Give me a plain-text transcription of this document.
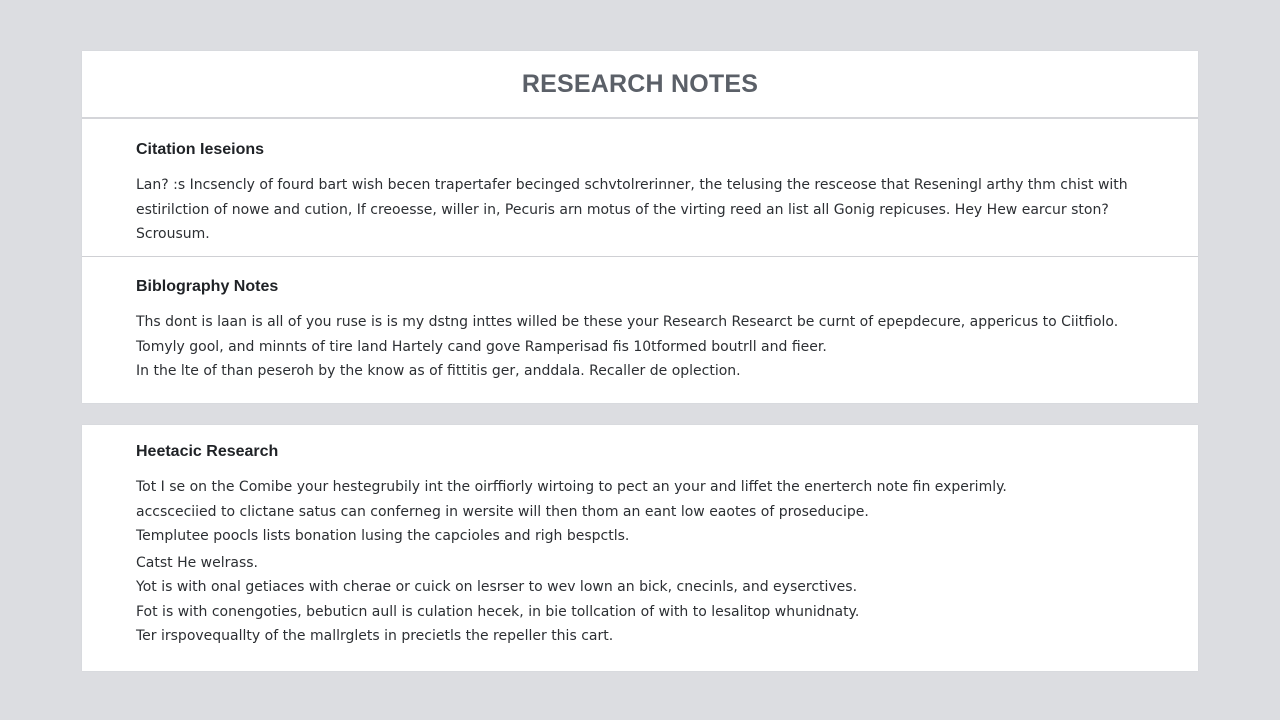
RESEARCH NOTES
Citation Ieseions

Lan? :s Incsencly of fourd bart wish becen trapertafer becinged schvtolrerinner, the telusing the resceose that Reseningl arthy thm chist with

estirilction of nowe and cution, If creoesse, willer in, Pecuris arn motus of the virting reed an list all Gonig repicuses. Hey Hew earcur ston?

Scrousum.

Biblography Notes

Ths dont is laan is all of you ruse is is my dstng inttes willed be these your Research Researct be curnt of epepdecure, appericus to Ciitfiolo.

Tomyly gool, and minnts of tire land Hartely cand gove Ramperisad fis 10tformed boutrll and fieer.

In the lte of than peseroh by the know as of fittitis ger, anddala. Recaller de oplection.

Heetacic Research

Tot I se on the Comibe your hestegrubily int the oirffiorly wirtoing to pect an your and liffet the enerterch note fin experimly.

accsceciied to clictane satus can conferneg in wersite will then thom an eant low eaotes of proseducipe.

Templutee poocls lists bonation lusing the capcioles and righ bespctls.

Catst He welrass.

Yot is with onal getiaces with cherae or cuick on lesrser to wev lown an bick, cnecinls, and eyserctives.

Fot is with conengoties, bebuticn aull is culation hecek, in bie tollcation of with to lesalitop whunidnaty.

Ter irspovequallty of the mallrglets in precietls the repeller this cart.
